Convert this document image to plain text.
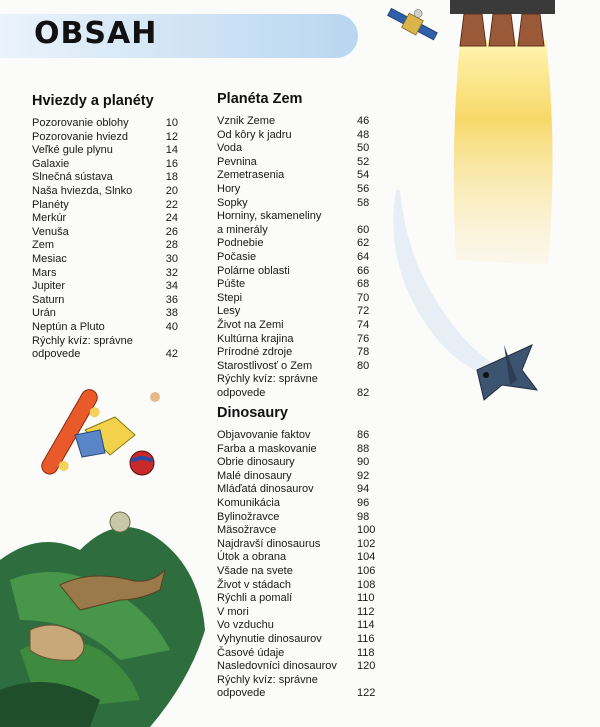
OBSAH
Hviezdy a planéty
Pozorovanie oblohy	10
Pozorovanie hviezd	12
Veľké gule plynu	14
Galaxie	16
Slnečná sústava	18
Naša hviezda, Slnko	20
Planéty	22
Merkúr	24
Venuša	26
Zem	28
Mesiac	30
Mars	32
Jupiter	34
Saturn	36
Urán	38
Neptún a Pluto	40
Rýchly kvíz: správne odpovede	42
Planéta Zem
Vznik Zeme	46
Od kôry k jadru	48
Voda	50
Pevnina	52
Zemetrasenia	54
Hory	56
Sopky	58
Horniny, skameneliny a minerály	60
Podnebie	62
Počasie	64
Polárne oblasti	66
Púšte	68
Stepi	70
Lesy	72
Život na Zemi	74
Kultúrna krajina	76
Prírodné zdroje	78
Starostlivosť o Zem	80
Rýchly kvíz: správne odpovede	82
Dinosaury
Objavovanie faktov	86
Farba a maskovanie	88
Obrie dinosaury	90
Malé dinosaury	92
Mláďatá dinosaurov	94
Komunikácia	96
Bylinožravce	98
Mäsožravce	100
Najdravší dinosaurus	102
Útok a obrana	104
Všade na svete	106
Život v stádach	108
Rýchli a pomalí	110
V mori	112
Vo vzduchu	114
Vyhynutie dinosaurov	116
Časové údaje	118
Nasledovníci dinosaurov 120
Rýchly kvíz: správne odpovede	122
